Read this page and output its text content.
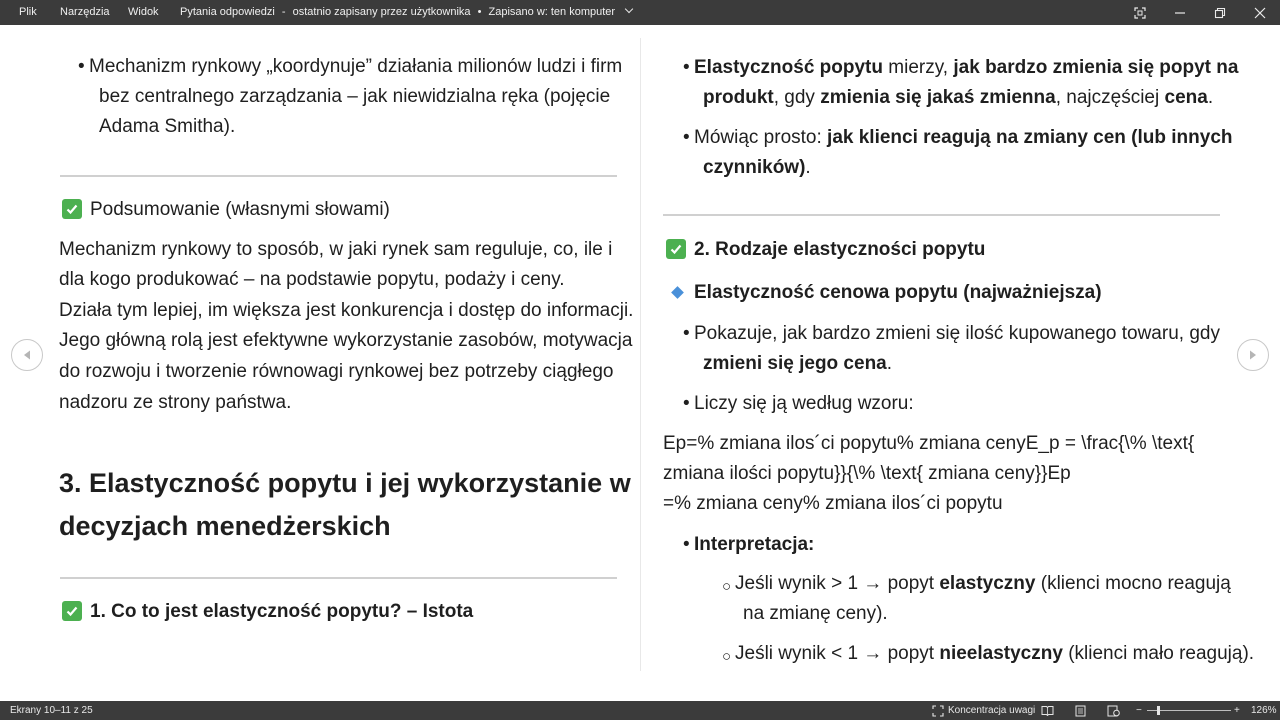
Plik Narzędzia Widok Pytania odpowiedzi - ostatnio zapisany przez użytkownika • Zapisano w: ten komputer
• Mechanizm rynkowy „koordynuje” działania milionów ludzi i firm
bez centralnego zarządzania – jak niewidzialna ręka (pojęcie
Adama Smitha).
Podsumowanie (własnymi słowami)
Mechanizm rynkowy to sposób, w jaki rynek sam reguluje, co, ile i
dla kogo produkować – na podstawie popytu, podaży i ceny.
Działa tym lepiej, im większa jest konkurencja i dostęp do informacji.
Jego główną rolą jest efektywne wykorzystanie zasobów, motywacja
do rozwoju i tworzenie równowagi rynkowej bez potrzeby ciągłego
nadzoru ze strony państwa.
3. Elastyczność popytu i jej wykorzystanie w
decyzjach menedżerskich
1. Co to jest elastyczność popytu? – Istota
• Elastyczność popytu mierzy, jak bardzo zmienia się popyt na
produkt, gdy zmienia się jakaś zmienna, najczęściej cena.
• Mówiąc prosto: jak klienci reagują na zmiany cen (lub innych
czynników).
2. Rodzaje elastyczności popytu
Elastyczność cenowa popytu (najważniejsza)
• Pokazuje, jak bardzo zmieni się ilość kupowanego towaru, gdy
zmieni się jego cena.
• Liczy się ją według wzoru:
Ep=% zmiana ilos´ci popytu% zmiana cenyE_p = \frac{\% \text{
zmiana ilości popytu}}{\% \text{ zmiana ceny}}Ep
=% zmiana ceny% zmiana ilos´ci popytu
• Interpretacja:
○ Jeśli wynik > 1 → popyt elastyczny (klienci mocno reagują
na zmianę ceny).
○ Jeśli wynik < 1 → popyt nieelastyczny (klienci mało reagują).
Ekrany 10–11 z 25	Koncentracja uwagi	−	+ 126%
